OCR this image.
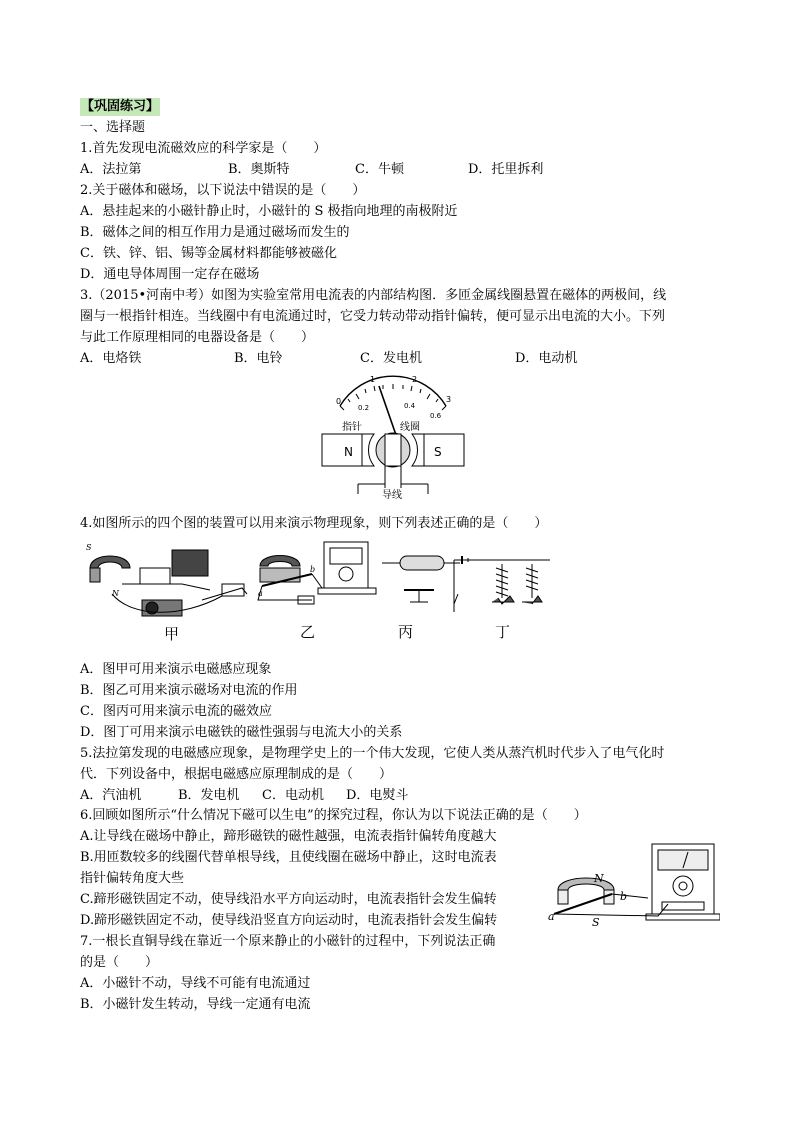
【巩固练习】
一、选择题
1.首先发现电流磁效应的科学家是（　　）
A．法拉第	B．奥斯特	C．牛顿	D．托里拆利
2.关于磁体和磁场，以下说法中错误的是（　　）
A．悬挂起来的小磁针静止时，小磁针的 S 极指向地理的南极附近
B．磁体之间的相互作用力是通过磁场而发生的
C．铁、锌、铝、锡等金属材料都能够被磁化
D．通电导体周围一定存在磁场
3.（2015•河南中考）如图为实验室常用电流表的内部结构图．多匝金属线圈悬置在磁体的两极间，线
圈与一根指针相连。当线圈中有电流通过时，它受力转动带动指针偏转，便可显示出电流的大小。下列
与此工作原理相同的电器设备是（　　）
A．电烙铁	B．电铃	C．发电机	D．电动机
0
1	2
3
0.2	0.4
0.6
指针	线圈
N	S
导线
4.如图所示的四个图的装置可以用来演示物理现象，则下列表述正确的是（　　）
S
N	a
b
甲	乙	丙	丁
A．图甲可用来演示电磁感应现象
B．图乙可用来演示磁场对电流的作用
C．图丙可用来演示电流的磁效应
D．图丁可用来演示电磁铁的磁性强弱与电流大小的关系
5.法拉第发现的电磁感应现象，是物理学史上的一个伟大发现，它使人类从蒸汽机时代步入了电气化时
代．下列设备中，根据电磁感应原理制成的是（　　）
A．汽油机	B．发电机 C．电动机 D．电熨斗
6.回顾如图所示“什么情况下磁可以生电”的探究过程，你认为以下说法正确的是（　　）
A.让导线在磁场中静止，蹄形磁铁的磁性越强，电流表指针偏转角度越大
B.用匝数较多的线圈代替单根导线，且使线圈在磁场中静止，这时电流表
指针偏转角度大些
C.蹄形磁铁固定不动，使导线沿水平方向运动时，电流表指针会发生偏转
D.蹄形磁铁固定不动，使导线沿竖直方向运动时，电流表指针会发生偏转
N
S
a
b
7.一根长直铜导线在靠近一个原来静止的小磁针的过程中，下列说法正确
的是（　　）
A．小磁针不动，导线不可能有电流通过
B．小磁针发生转动，导线一定通有电流
